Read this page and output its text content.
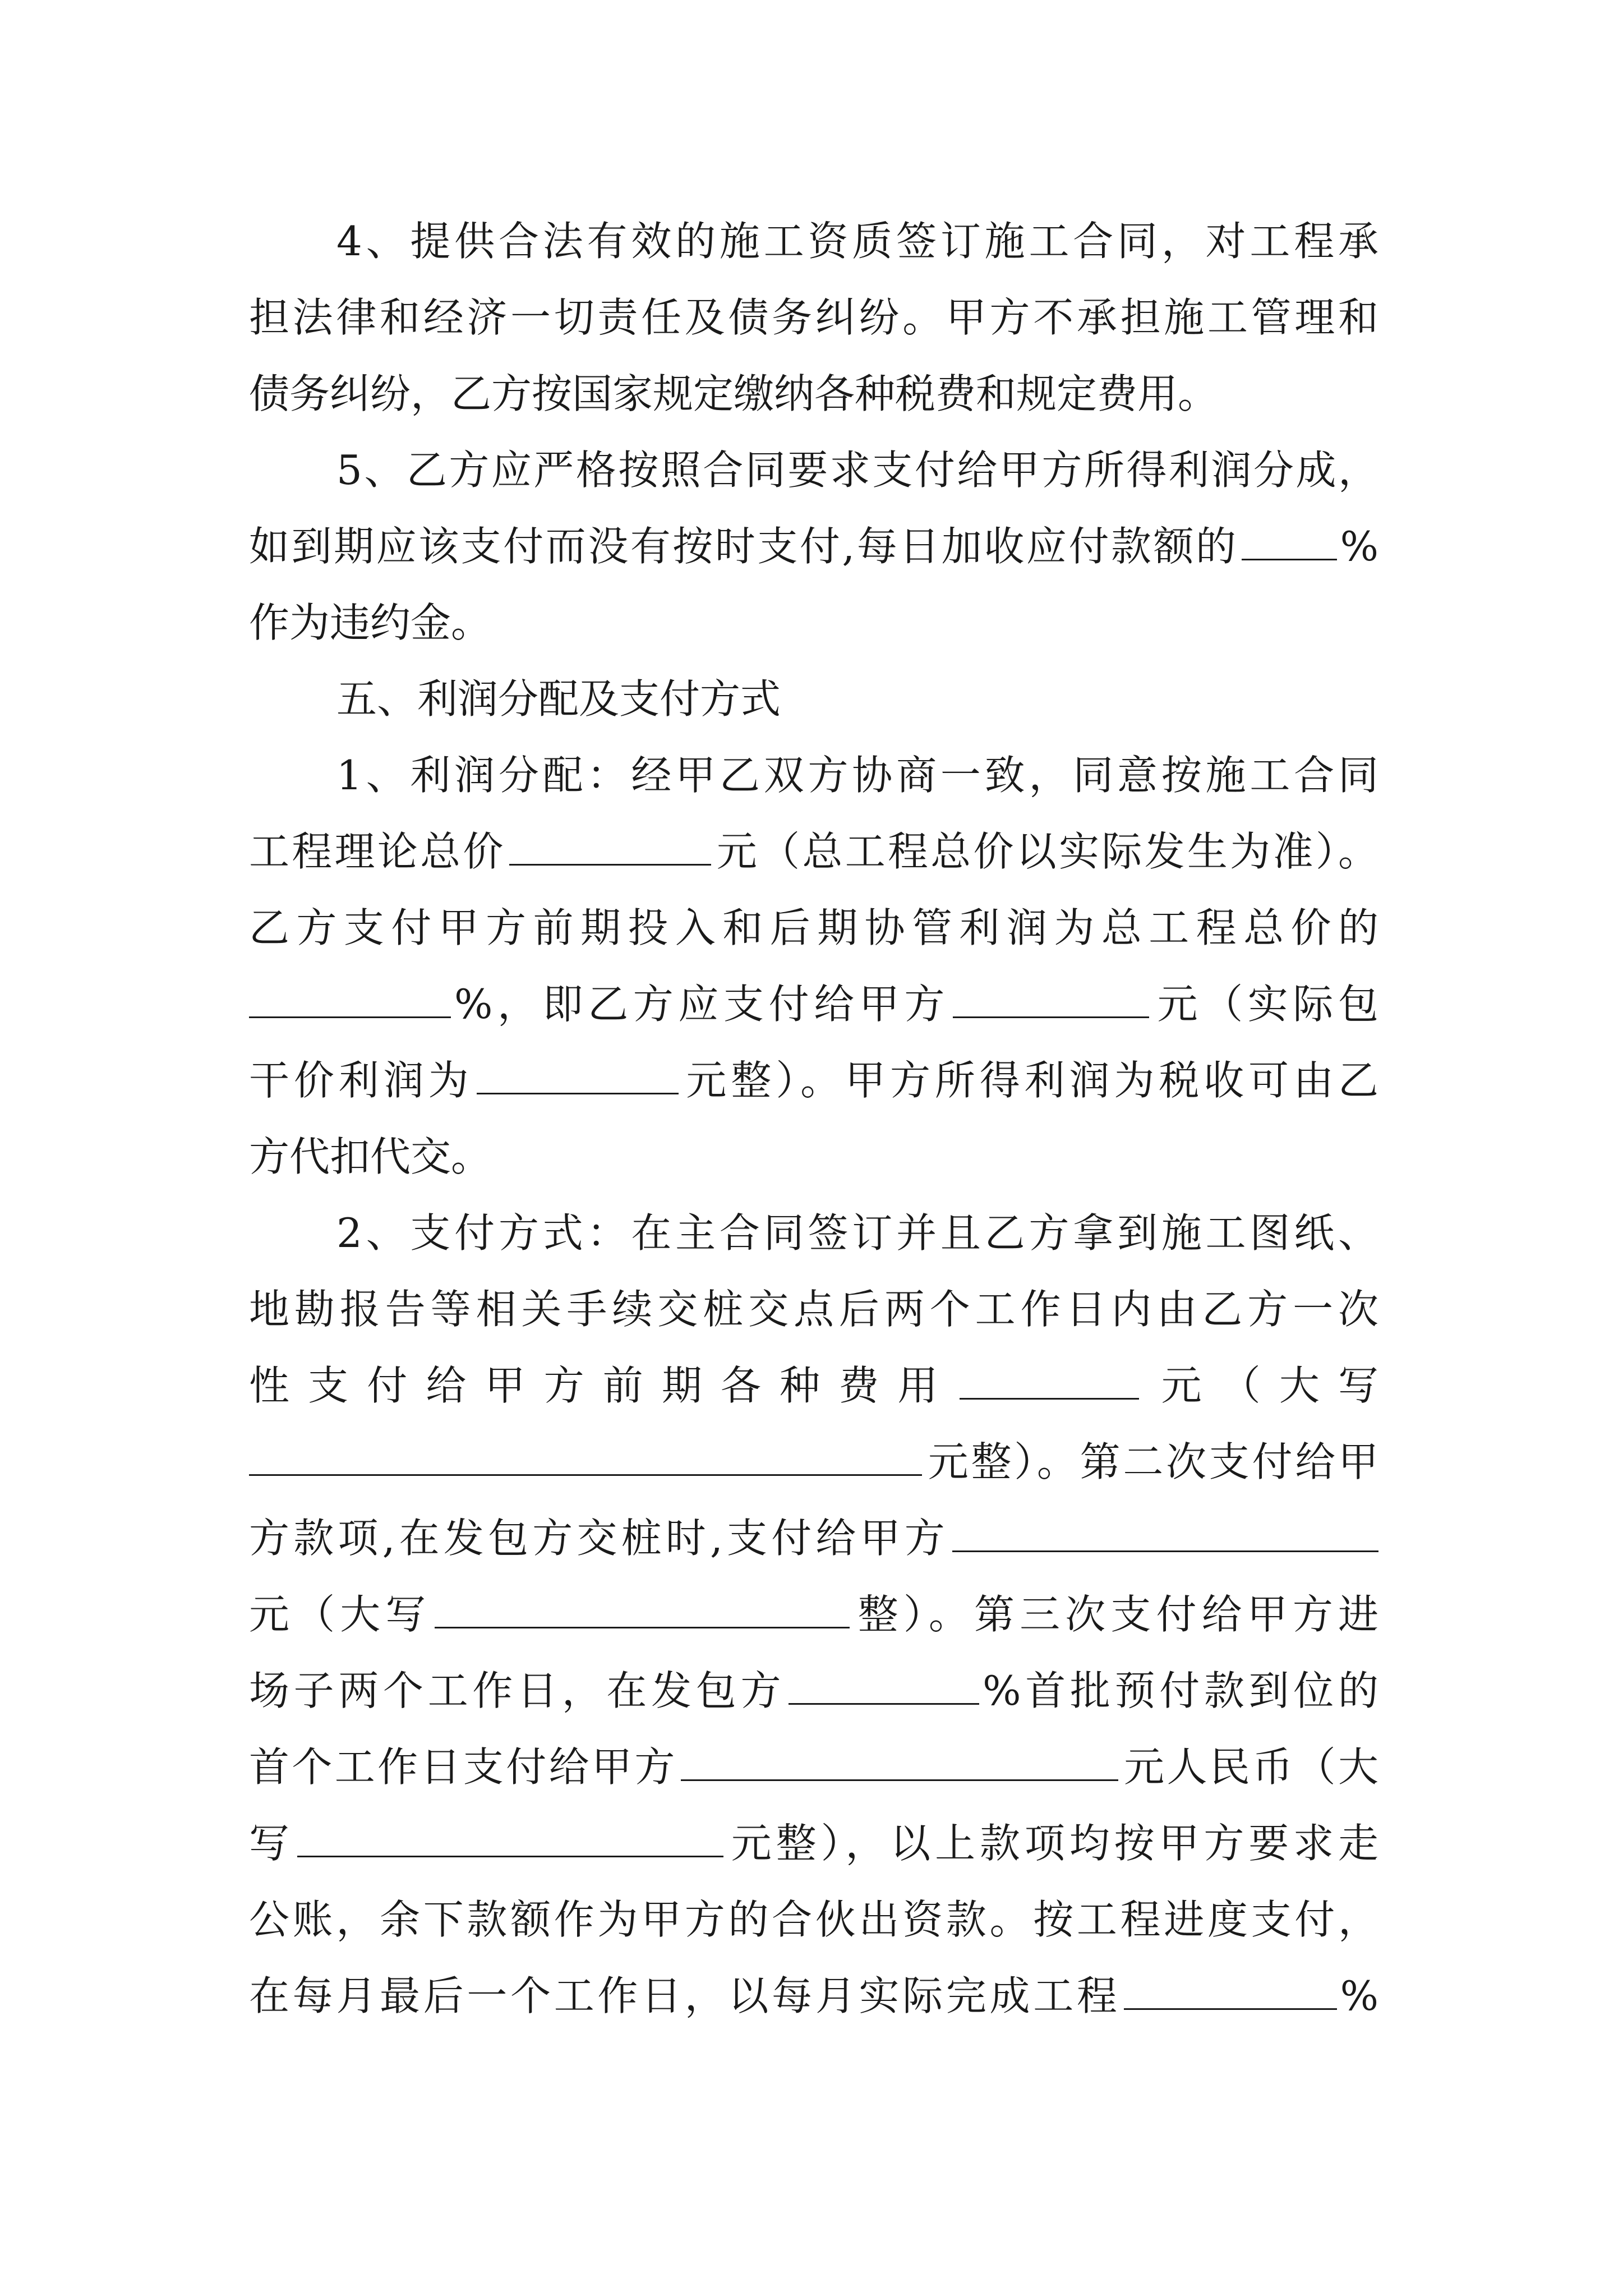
4、提供合法有效的施工资质签订施工合同，对工程承
担法律和经济一切责任及债务纠纷。甲方不承担施工管理和
债务纠纷，乙方按国家规定缴纳各种税费和规定费用。
5、乙方应严格按照合同要求支付给甲方所得利润分成，
如到期应该支付而没有按时支付,每日加收应付款额的	%
作为违约金。
五、利润分配及支付方式
1、利润分配：经甲乙双方协商一致，同意按施工合同
工程理论总价	元（总工程总价以实际发生为准）。
乙方支付甲方前期投入和后期协管利润为总工程总价的
%，即乙方应支付给甲方	元（实际包
干价利润为	元整）。甲方所得利润为税收可由乙
方代扣代交。
2、支付方式：在主合同签订并且乙方拿到施工图纸、
地勘报告等相关手续交桩交点后两个工作日内由乙方一次
性支付给甲方前期各种费用	元（大写
元整）。第二次支付给甲
方款项,在发包方交桩时,支付给甲方
元（大写	整）。第三次支付给甲方进
场子两个工作日，在发包方	%首批预付款到位的
首个工作日支付给甲方	元人民币（大
写	元整），以上款项均按甲方要求走
公账，余下款额作为甲方的合伙出资款。按工程进度支付，
在每月最后一个工作日，以每月实际完成工程	%
